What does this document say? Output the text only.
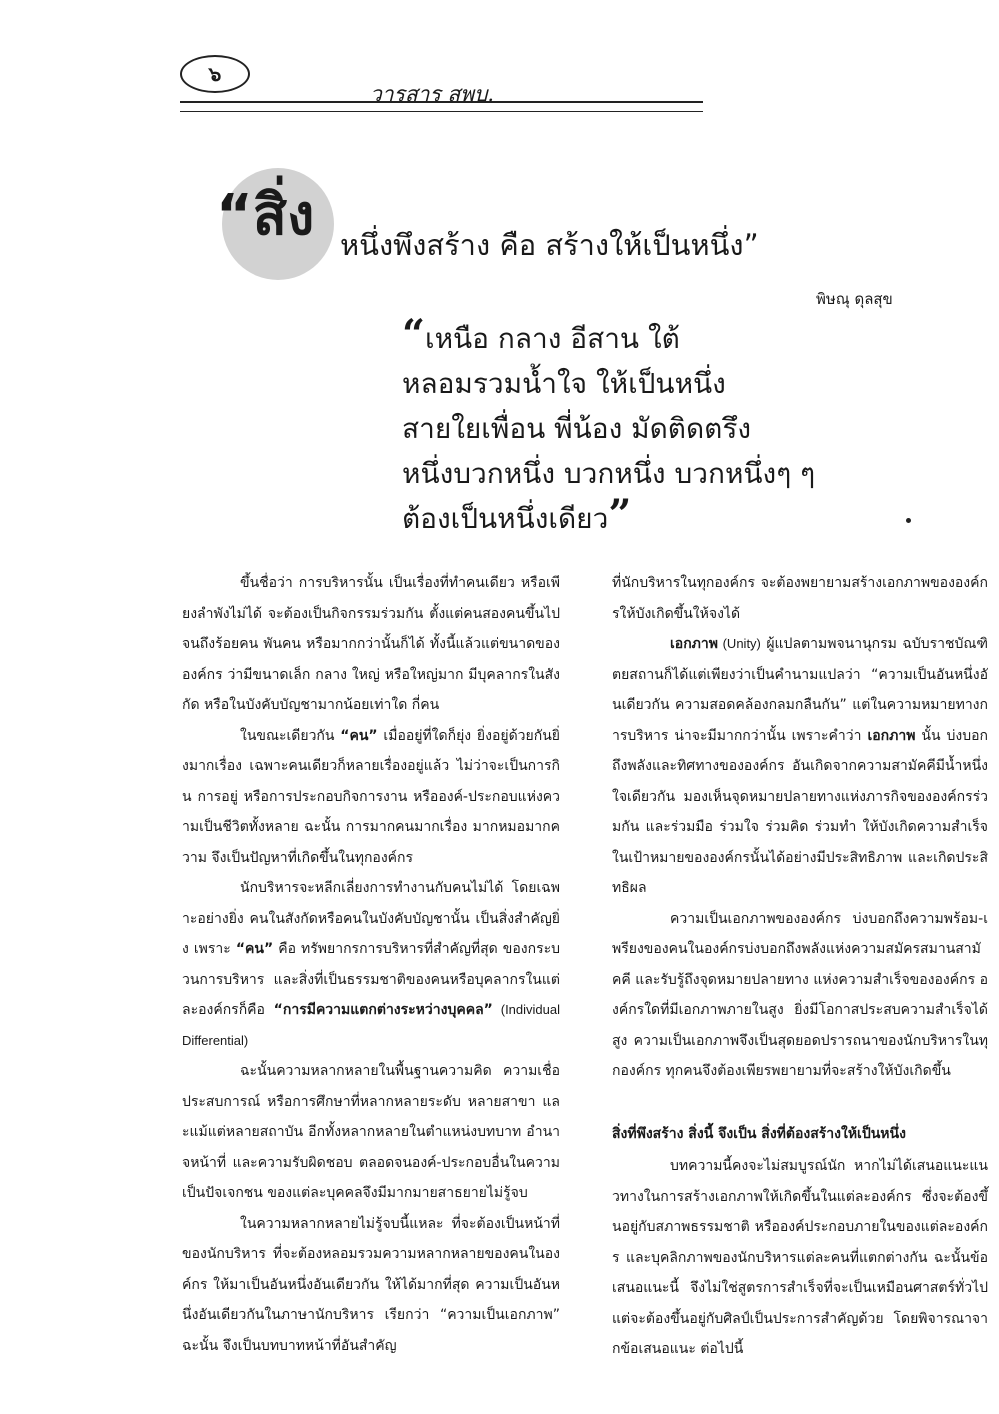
๖
วารสาร สพบ.
“สิ่ง หนึ่งพึงสร้าง คือ สร้างให้เป็นหนึ่ง”
พิษณุ ดุลสุข
“เหนือ กลาง อีสาน ใต้
หลอมรวมน้ำใจ ให้เป็นหนึ่ง
สายใยเพื่อน พี่น้อง มัดติดตรึง
หนึ่งบวกหนึ่ง บวกหนึ่ง บวกหนึ่งๆ ๆ
ต้องเป็นหนึ่งเดียว”

ขึ้นชื่อว่า การบริหารนั้น เป็นเรื่องที่ทำคนเดียว หรือเพียงลำพังไม่ได้ จะต้องเป็นกิจกรรมร่วมกัน ตั้งแต่คนสองคนขึ้นไป จนถึงร้อยคน พันคน หรือมากกว่านั้นก็ได้ ทั้งนี้แล้วแต่ขนาดขององค์กร ว่ามีขนาดเล็ก กลาง ใหญ่ หรือใหญ่มาก มีบุคลากรในสังกัด หรือในบังคับบัญชามากน้อยเท่าใด กี่คน

ในขณะเดียวกัน “คน” เมื่ออยู่ที่ใดก็ยุ่ง ยิ่งอยู่ด้วยกันยิ่งมากเรื่อง เฉพาะคนเดียวก็หลายเรื่องอยู่แล้ว ไม่ว่าจะเป็นการกิน การอยู่ หรือการประกอบกิจการงาน หรือองค์-ประกอบแห่งความเป็นชีวิตทั้งหลาย ฉะนั้น การมากคนมากเรื่อง มากหมอมากความ จึงเป็นปัญหาที่เกิดขึ้นในทุกองค์กร

นักบริหารจะหลีกเลี่ยงการทำงานกับคนไม่ได้ โดยเฉพาะอย่างยิ่ง คนในสังกัดหรือคนในบังคับบัญชานั้น เป็นสิ่งสำคัญยิ่ง เพราะ “คน” คือ ทรัพยากรการบริหารที่สำคัญที่สุด ของกระบวนการบริหาร และสิ่งที่เป็นธรรมชาติของคนหรือบุคลากรในแต่ละองค์กรก็คือ “การมีความแตกต่างระหว่างบุคคล” (Individual Differential)

ฉะนั้นความหลากหลายในพื้นฐานความคิด ความเชื่อ ประสบการณ์ หรือการศึกษาที่หลากหลายระดับ หลายสาขา และแม้แต่หลายสถาบัน อีกทั้งหลากหลายในตำแหน่งบทบาท อำนาจหน้าที่ และความรับผิดชอบ ตลอดจนองค์-ประกอบอื่นในความเป็นปัจเจกชน ของแต่ละบุคคลจึงมีมากมายสาธยายไม่รู้จบ

ในความหลากหลายไม่รู้จบนี้แหละ ที่จะต้องเป็นหน้าที่ของนักบริหาร ที่จะต้องหลอมรวมความหลากหลายของคนในองค์กร ให้มาเป็นอันหนึ่งอันเดียวกัน ให้ได้มากที่สุด ความเป็นอันหนึ่งอันเดียวกันในภาษานักบริหาร เรียกว่า “ความเป็นเอกภาพ” ฉะนั้น จึงเป็นบทบาทหน้าที่อันสำคัญ

ที่นักบริหารในทุกองค์กร จะต้องพยายามสร้างเอกภาพขององค์กรให้บังเกิดขึ้นให้จงได้

เอกภาพ (Unity) ผู้แปลตามพจนานุกรม ฉบับราชบัณฑิตยสถานก็ได้แต่เพียงว่าเป็นคำนามแปลว่า “ความเป็นอันหนึ่งอันเดียวกัน ความสอดคล้องกลมกลืนกัน” แต่ในความหมายทางการบริหาร น่าจะมีมากกว่านั้น เพราะคำว่า เอกภาพ นั้น บ่งบอกถึงพลังและทิศทางขององค์กร อันเกิดจากความสามัคคีมีน้ำหนึ่งใจเดียวกัน มองเห็นจุดหมายปลายทางแห่งภารกิจขององค์กรร่วมกัน และร่วมมือ ร่วมใจ ร่วมคิด ร่วมทำ ให้บังเกิดความสำเร็จ ในเป้าหมายขององค์กรนั้นได้อย่างมีประสิทธิภาพ และเกิดประสิทธิผล

ความเป็นเอกภาพขององค์กร บ่งบอกถึงความพร้อม-เพรียงของคนในองค์กรบ่งบอกถึงพลังแห่งความสมัครสมานสามัคคี และรับรู้ถึงจุดหมายปลายทาง แห่งความสำเร็จขององค์กร องค์กรใดที่มีเอกภาพภายในสูง ยิ่งมีโอกาสประสบความสำเร็จได้สูง ความเป็นเอกภาพจึงเป็นสุดยอดปรารถนาของนักบริหารในทุกองค์กร ทุกคนจึงต้องเพียรพยายามที่จะสร้างให้บังเกิดขึ้น

สิ่งที่พึงสร้าง สิ่งนี้ จึงเป็น สิ่งที่ต้องสร้างให้เป็นหนึ่ง

บทความนี้คงจะไม่สมบูรณ์นัก หากไม่ได้เสนอแนะแนวทางในการสร้างเอกภาพให้เกิดขึ้นในแต่ละองค์กร ซึ่งจะต้องขึ้นอยู่กับสภาพธรรมชาติ หรือองค์ประกอบภายในของแต่ละองค์กร และบุคลิกภาพของนักบริหารแต่ละคนที่แตกต่างกัน ฉะนั้นข้อเสนอแนะนี้ จึงไม่ใช่สูตรการสำเร็จที่จะเป็นเหมือนศาสตร์ทั่วไป แต่จะต้องขึ้นอยู่กับศิลป์เป็นประการสำคัญด้วย โดยพิจารณาจากข้อเสนอแนะ ต่อไปนี้
